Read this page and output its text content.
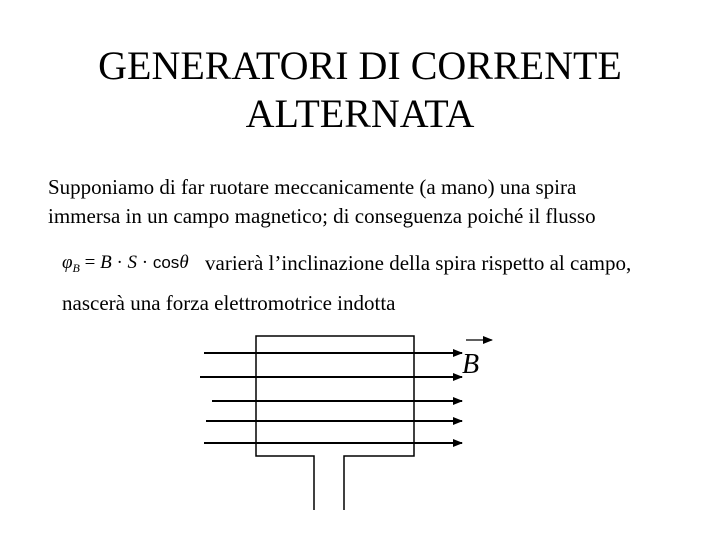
GENERATORI DI CORRENTE
ALTERNATA
Supponiamo di far ruotare meccanicamente (a mano) una spira
immersa in un campo magnetico; di conseguenza poiché il flusso
$\varphi_B = B \cdot S \cdot \cos\theta$ varierà l’inclinazione della spira rispetto al campo,
nascerà una forza elettromotrice indotta
B
